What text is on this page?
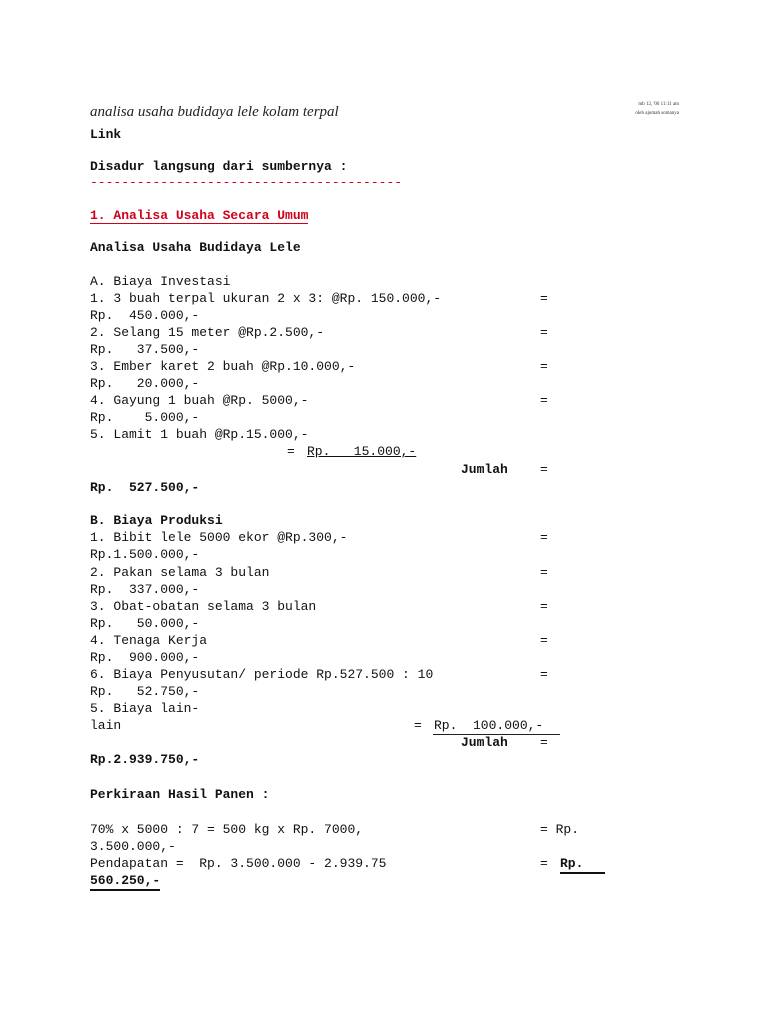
analisa usaha budidaya lele kolam terpal	mb 12, '06 11:11 am
oleh ajumah somanya
Link
Disadur langsung dari sumbernya :
----------------------------------------
1. Analisa Usaha Secara Umum
Analisa Usaha Budidaya Lele
A. Biaya Investasi
1. 3 buah terpal ukuran 2 x 3: @Rp. 150.000,-	=
Rp.  450.000,-
2. Selang 15 meter @Rp.2.500,-	=
Rp.   37.500,-
3. Ember karet 2 buah @Rp.10.000,-	=
Rp.   20.000,-
4. Gayung 1 buah @Rp. 5000,-	=
Rp.    5.000,-
5. Lamit 1 buah @Rp.15.000,-
= Rp.   15.000,-
Jumlah =
Rp.  527.500,-
B. Biaya Produksi
1. Bibit lele 5000 ekor @Rp.300,-	=
Rp.1.500.000,-
2. Pakan selama 3 bulan	=
Rp.  337.000,-
3. Obat-obatan selama 3 bulan	=
Rp.   50.000,-
4. Tenaga Kerja	=
Rp.  900.000,-
6. Biaya Penyusutan/ periode Rp.527.500 : 10	=
Rp.   52.750,-
5. Biaya lain-
lain	= Rp.  100.000,-
Jumlah =
Rp.2.939.750,-
Perkiraan Hasil Panen :
70% x 5000 : 7 = 500 kg x Rp. 7000,	= Rp.
3.500.000,-
Pendapatan =  Rp. 3.500.000 - 2.939.75	= Rp.
560.250,-
